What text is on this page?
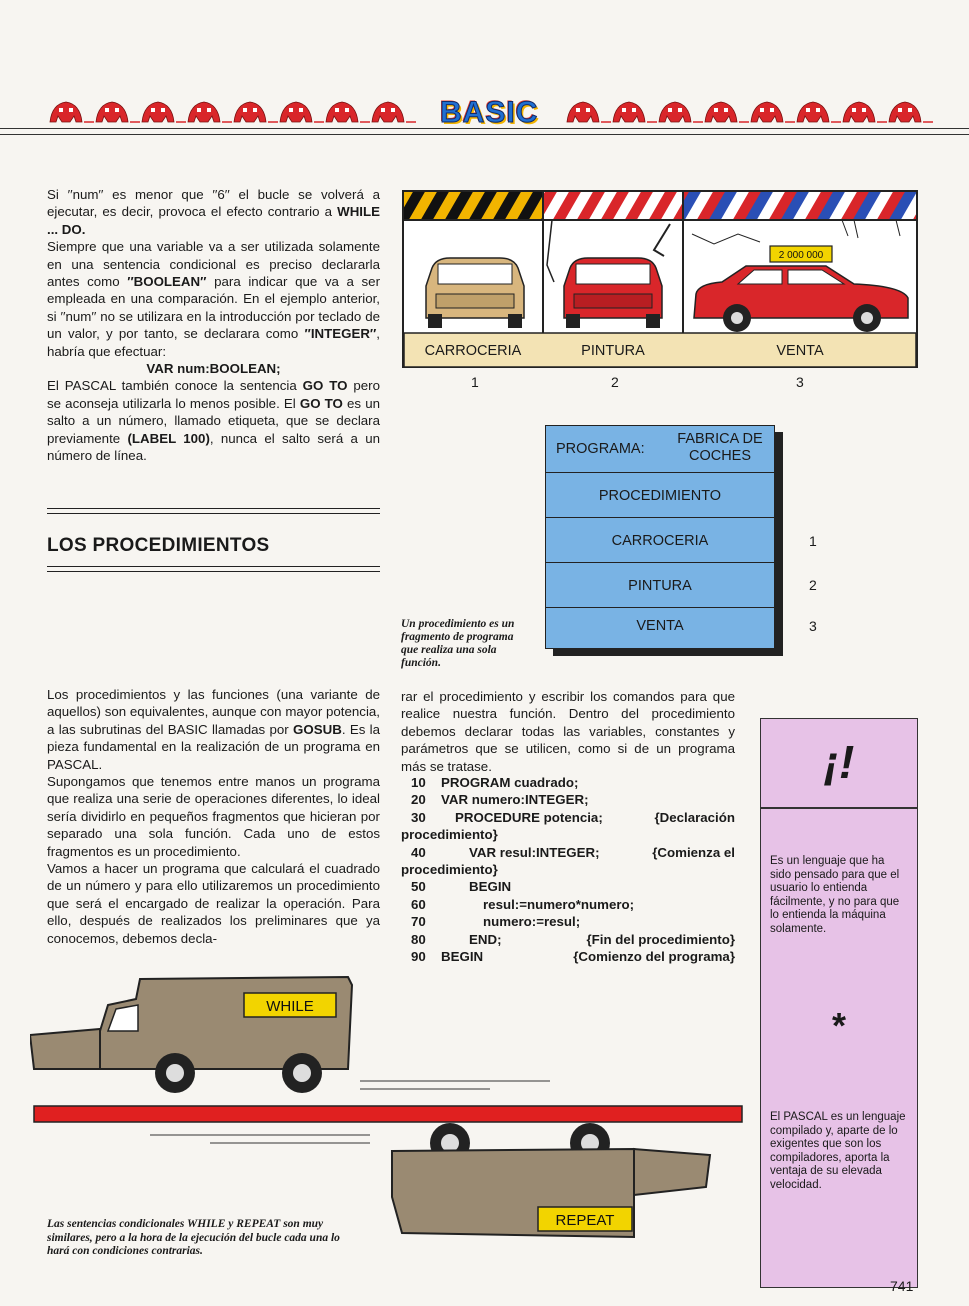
BASIC

Si ′′num′′ es menor que ′′6′′ el bucle se volverá a ejecutar, es decir, provoca el efecto contrario a WHILE ... DO.

Siempre que una variable va a ser utilizada solamente en una sentencia condicional es preciso declararla antes como ′′BOOLEAN′′ para indicar que va a ser empleada en una comparación. En el ejemplo anterior, si ′′num′′ no se utilizara en la introducción por teclado de un valor, y por tanto, se declarara como ′′INTEGER′′, habría que efectuar:

VAR num:BOOLEAN;

El PASCAL también conoce la sentencia GO TO pero se aconseja utilizarla lo menos posible. El GO TO es un salto a un número, llamado etiqueta, que se declara previamente (LABEL 100), nunca el salto será a un número de línea.

LOS PROCEDIMIENTOS

Los procedimientos y las funciones (una variante de aquellos) son equivalentes, aunque con mayor potencia, a las subrutinas del BASIC llamadas por GOSUB. Es la pieza fundamental en la realización de un programa en PASCAL.

Supongamos que tenemos entre manos un programa que realiza una serie de operaciones diferentes, lo ideal sería dividirlo en pequeños fragmentos que hicieran por separado una sola función. Cada uno de estos fragmentos es un procedimiento.

Vamos a hacer un programa que calculará el cuadrado de un número y para ello utilizaremos un procedimiento que será el encargado de realizar la operación. Para ello, después de realizados los preliminares que ya conocemos, debemos decla-

2 000 000
CARROCERIA	PINTURA	VENTA
1	2	3
PROGRAMA:
FABRICA DE COCHES
PROCEDIMIENTO
CARROCERIA
PINTURA
VENTA
1
2
3
Un procedimiento es un fragmento de programa que realiza una sola función.
rar el procedimiento y escribir los comandos para que realice nuestra función. Dentro del procedimiento debemos declarar todas las variables, constantes y parámetros que se utilicen, como si de un programa más se tratase.
10 PROGRAM cuadrado;
20 VAR numero:INTEGER;
30 PROCEDURE potencia;	{Declaración
procedimiento}
40	VAR resul:INTEGER;	{Comienza el
procedimiento}
50	BEGIN
60	resul:=numero*numero;
70	numero:=resul;
80	END;	{Fin del procedimiento}
90 BEGIN	{Comienzo del programa}
¡!
Es un lenguaje que ha sido pensado para que el usuario lo entienda fácilmente, y no para que lo entienda la máquina solamente.
*
El PASCAL es un lenguaje compilado y, aparte de lo exigentes que son los compiladores, aporta la ventaja de su elevada velocidad.
WHILE
REPEAT
Las sentencias condicionales WHILE y REPEAT son muy similares, pero a la hora de la ejecución del bucle cada una lo hará con condiciones contrarias.
741
